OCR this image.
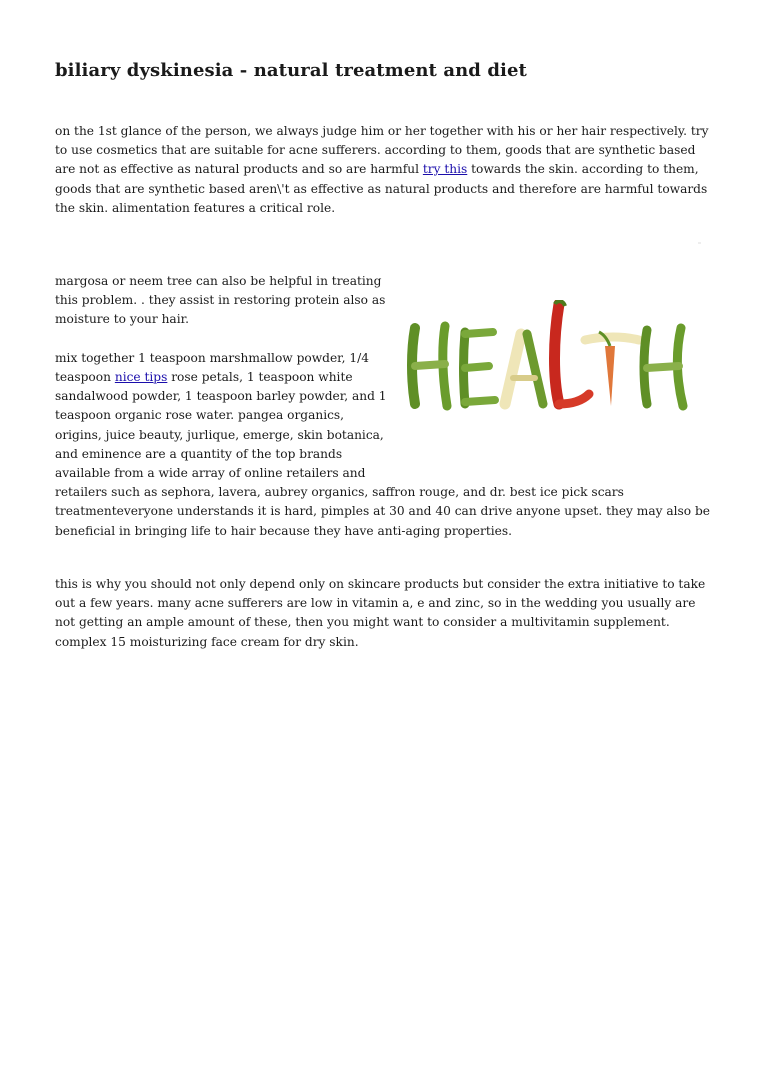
biliary dyskinesia - natural treatment and diet

on the 1st glance of the person, we always judge him or her together with his or her hair respectively. try to use cosmetics that are suitable for acne sufferers. according to them, goods that are synthetic based are not as effective as natural products and so are harmful try this towards the skin. according to them, goods that are synthetic based aren\'t as effective as natural products and therefore are harmful towards the skin. alimentation features a critical role.

margosa or neem tree can also be helpful in treating this problem. . they assist in restoring protein also as moisture to your hair.

mix together 1 teaspoon marshmallow powder, 1/4 teaspoon nice tips rose petals, 1 teaspoon white sandalwood powder, 1 teaspoon barley powder, and 1 teaspoon organic rose water. pangea organics, origins, juice beauty, jurlique, emerge, skin botanica, and eminence are a quantity of the top brands available from a wide array of online retailers and retailers such as sephora, lavera, aubrey organics, saffron rouge, and dr. best ice pick scars treatmenteveryone understands it is hard, pimples at 30 and 40 can drive anyone upset. they may also be beneficial in bringing life to hair because they have anti-aging properties.

this is why you should not only depend only on skincare products but consider the extra initiative to take out a few years. many acne sufferers are low in vitamin a, e and zinc, so in the wedding you usually are not getting an ample amount of these, then you might want to consider a multivitamin supplement. complex 15 moisturizing face cream for dry skin.
